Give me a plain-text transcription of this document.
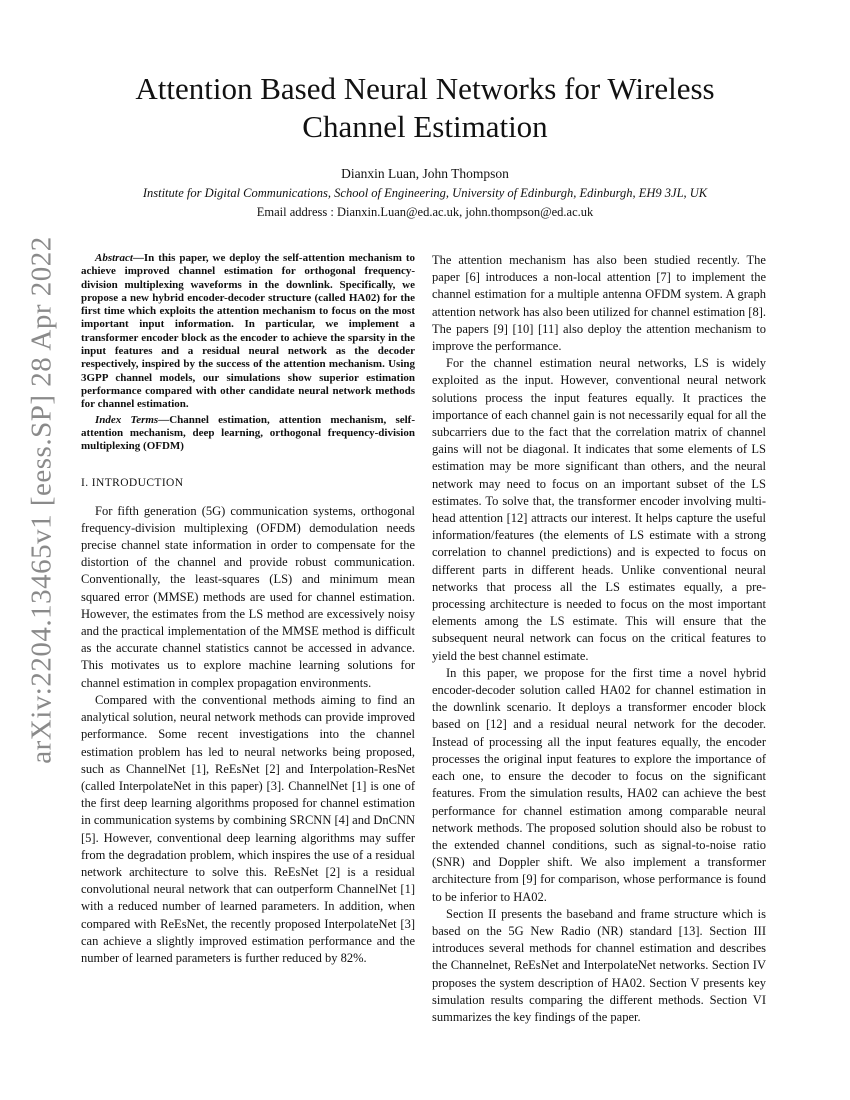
arXiv:2204.13465v1 [eess.SP] 28 Apr 2022
Attention Based Neural Networks for Wireless Channel Estimation
Dianxin Luan, John Thompson
Institute for Digital Communications, School of Engineering, University of Edinburgh, Edinburgh, EH9 3JL, UK
Email address : Dianxin.Luan@ed.ac.uk, john.thompson@ed.ac.uk

Abstract—In this paper, we deploy the self-attention mechanism to achieve improved channel estimation for orthogonal frequency-division multiplexing waveforms in the downlink. Specifically, we propose a new hybrid encoder-decoder structure (called HA02) for the first time which exploits the attention mechanism to focus on the most important input information. In particular, we implement a transformer encoder block as the encoder to achieve the sparsity in the input features and a residual neural network as the decoder respectively, inspired by the success of the attention mechanism. Using 3GPP channel models, our simulations show superior estimation performance compared with other candidate neural network methods for channel estimation.

Index Terms—Channel estimation, attention mechanism, self-attention mechanism, deep learning, orthogonal frequency-division multiplexing (OFDM)

I. INTRODUCTION

For fifth generation (5G) communication systems, orthogonal frequency-division multiplexing (OFDM) demodulation needs precise channel state information in order to compensate for the distortion of the channel and provide robust communication. Conventionally, the least-squares (LS) and minimum mean squared error (MMSE) methods are used for channel estimation. However, the estimates from the LS method are excessively noisy and the practical implementation of the MMSE method is difficult as the accurate channel statistics cannot be accessed in advance. This motivates us to explore machine learning solutions for channel estimation in complex propagation environments.

Compared with the conventional methods aiming to find an analytical solution, neural network methods can provide improved performance. Some recent investigations into the channel estimation problem has led to neural networks being proposed, such as ChannelNet [1], ReEsNet [2] and Interpolation-ResNet (called InterpolateNet in this paper) [3]. ChannelNet [1] is one of the first deep learning algorithms proposed for channel estimation in communication systems by combining SRCNN [4] and DnCNN [5]. However, conventional deep learning algorithms may suffer from the degradation problem, which inspires the use of a residual network architecture to solve this. ReEsNet [2] is a residual convolutional neural network that can outperform ChannelNet [1] with a reduced number of learned parameters. In addition, when compared with ReEsNet, the recently proposed InterpolateNet [3] can achieve a slightly improved estimation performance and the number of learned parameters is further reduced by 82%.

The attention mechanism has also been studied recently. The paper [6] introduces a non-local attention [7] to implement the channel estimation for a multiple antenna OFDM system. A graph attention network has also been utilized for channel estimation [8]. The papers [9] [10] [11] also deploy the attention mechanism to improve the performance.

For the channel estimation neural networks, LS is widely exploited as the input. However, conventional neural network solutions process the input features equally. It practices the importance of each channel gain is not necessarily equal for all the subcarriers due to the fact that the correlation matrix of channel gains will not be diagonal. It indicates that some elements of LS estimation may be more significant than others, and the neural network may need to focus on an important subset of the LS estimates. To solve that, the transformer encoder involving multi-head attention [12] attracts our interest. It helps capture the useful information/features (the elements of LS estimate with a strong correlation to channel predictions) and is expected to focus on different parts in different heads. Unlike conventional neural networks that process all the LS estimates equally, a pre-processing architecture is needed to focus on the most important elements among the LS estimate. This will ensure that the subsequent neural network can focus on the critical features to yield the best channel estimate.

In this paper, we propose for the first time a novel hybrid encoder-decoder solution called HA02 for channel estimation in the downlink scenario. It deploys a transformer encoder block based on [12] and a residual neural network for the decoder. Instead of processing all the input features equally, the encoder processes the original input features to explore the importance of each one, to ensure the decoder to focus on the significant features. From the simulation results, HA02 can achieve the best performance for channel estimation among comparable neural network methods. The proposed solution should also be robust to the extended channel conditions, such as signal-to-noise ratio (SNR) and Doppler shift. We also implement a transformer architecture from [9] for comparison, whose performance is found to be inferior to HA02.

Section II presents the baseband and frame structure which is based on the 5G New Radio (NR) standard [13]. Section III introduces several methods for channel estimation and describes the Channelnet, ReEsNet and InterpolateNet networks. Section IV proposes the system description of HA02. Section V presents key simulation results comparing the different methods. Section VI summarizes the key findings of the paper.
